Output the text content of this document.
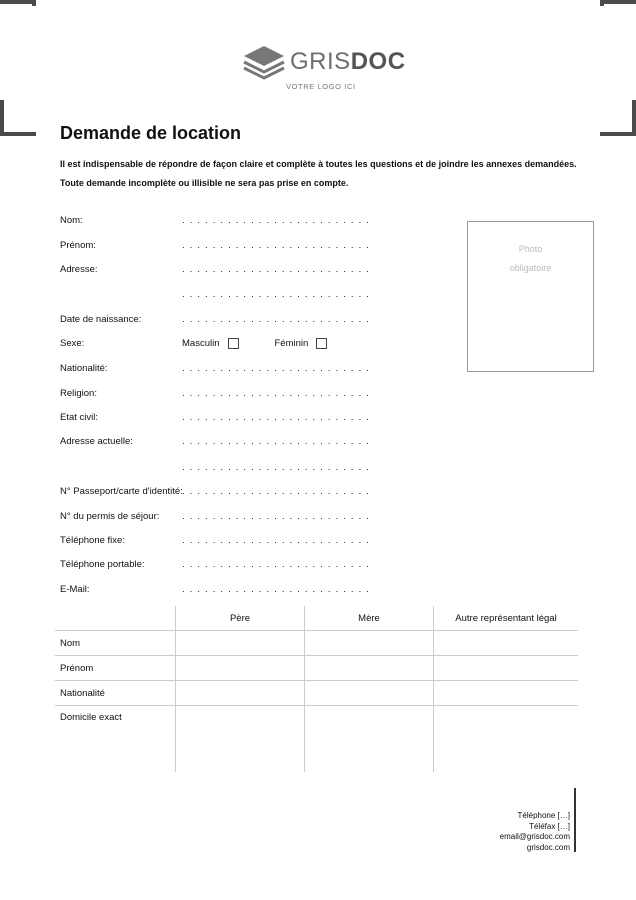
GRISDOC
VOTRE LOGO ICI
Demande de location
Il est indispensable de répondre de façon claire et complète à toutes les questions et de joindre les annexes demandées.
Toute demande incomplète ou illisible ne sera pas prise en compte.
Nom:	. . . . . . . . . . . . . . . . . . . . . . . . .
Prénom:	. . . . . . . . . . . . . . . . . . . . . . . . .
Adresse:	. . . . . . . . . . . . . . . . . . . . . . . . .
. . . . . . . . . . . . . . . . . . . . . . . . .
Date de naissance:	. . . . . . . . . . . . . . . . . . . . . . . . .
Sexe:	Masculin	Féminin
Nationalité:	. . . . . . . . . . . . . . . . . . . . . . . . .
Religion:	. . . . . . . . . . . . . . . . . . . . . . . . .
Etat civil:	. . . . . . . . . . . . . . . . . . . . . . . . .
Adresse actuelle:	. . . . . . . . . . . . . . . . . . . . . . . . .
. . . . . . . . . . . . . . . . . . . . . . . . .
N° Passeport/carte d'identité: . . . . . . . . . . . . . . . . . . . . . . . . .
N° du permis de séjour: . . . . . . . . . . . . . . . . . . . . . . . . .
Téléphone fixe:	. . . . . . . . . . . . . . . . . . . . . . . . .
Téléphone portable:	. . . . . . . . . . . . . . . . . . . . . . . . .
E-Mail:	. . . . . . . . . . . . . . . . . . . . . . . . .
Photo
obligatoire
	Père	Mère	Autre représentant légal
Nom			
Prénom			
Nationalité			
Domicile exact			
Téléphone […]
Téléfax […]
email@grisdoc.com
grisdoc.com
